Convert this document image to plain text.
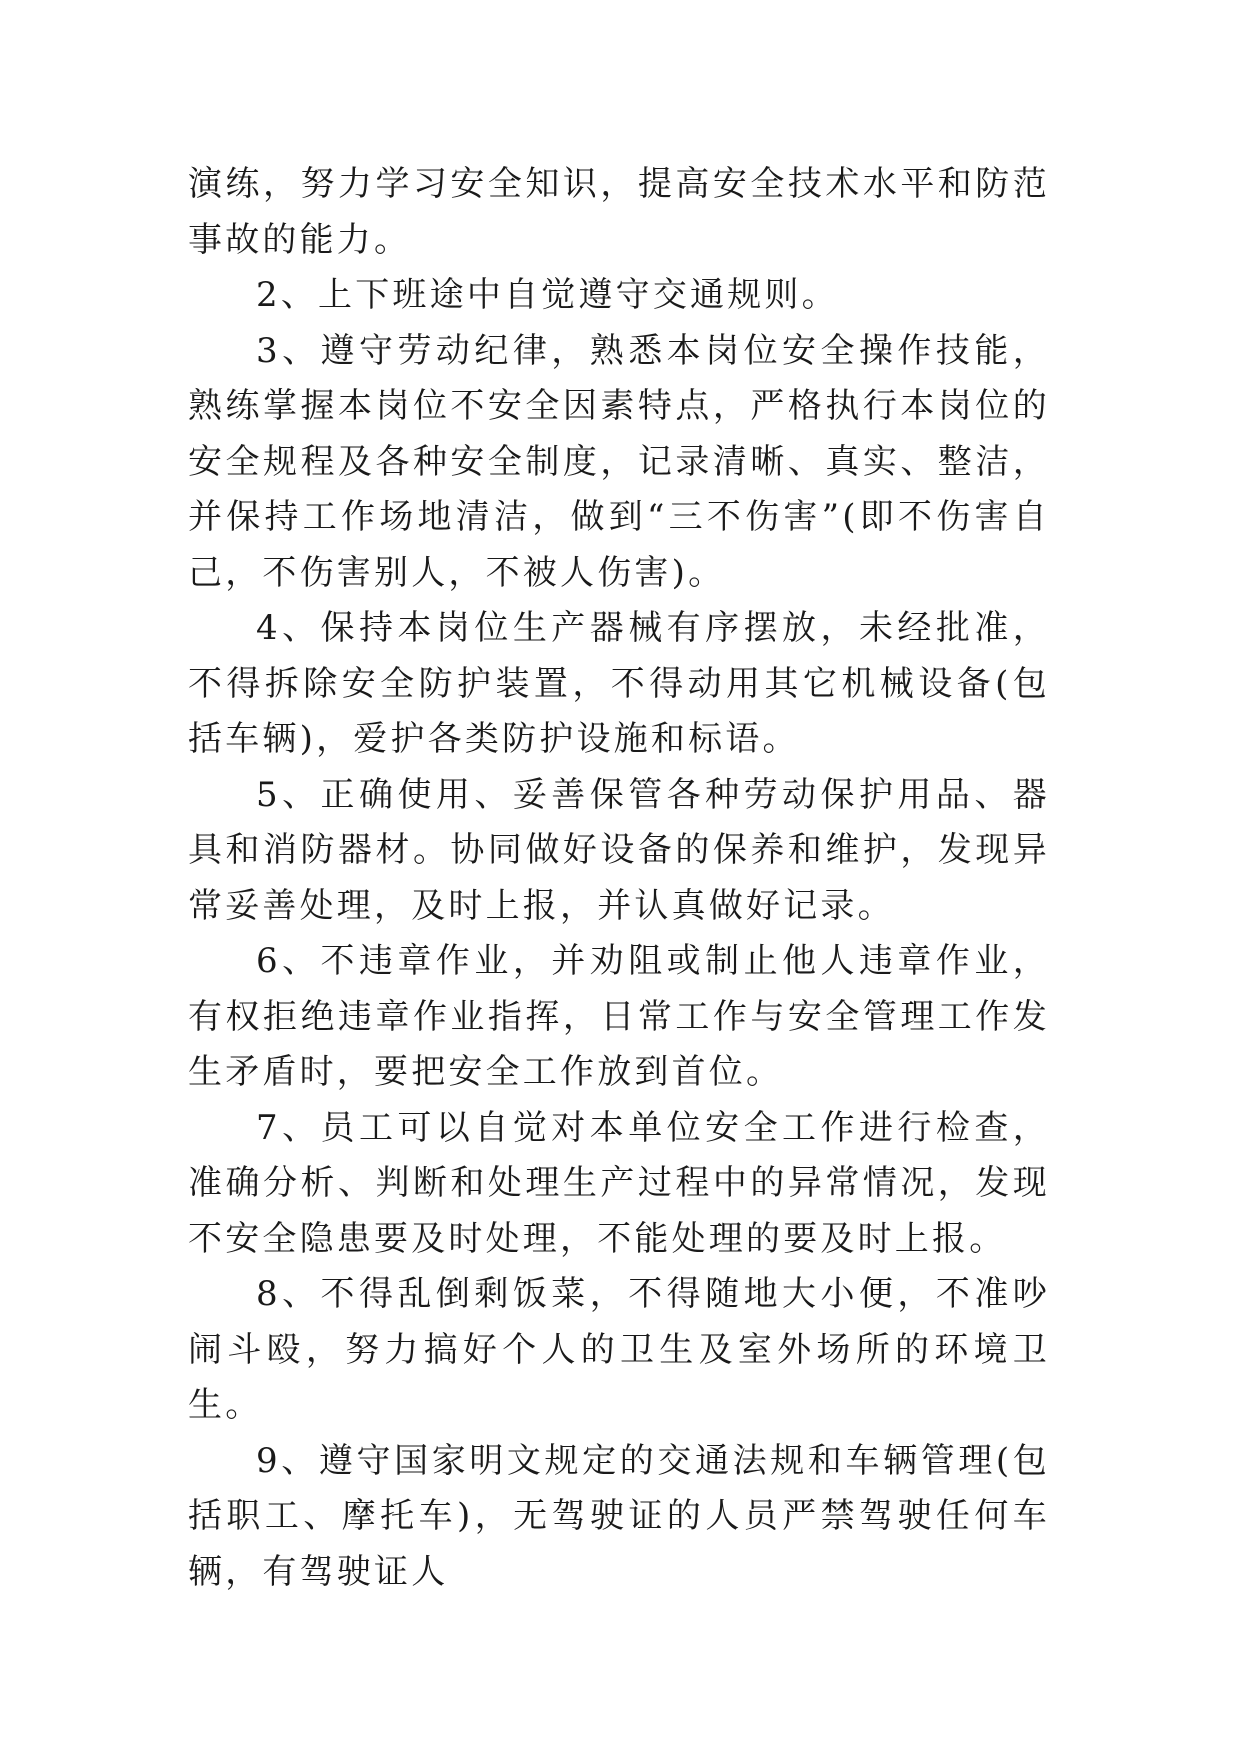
演练，努力学习安全知识，提高安全技术水平和防范事故的能力。

2、上下班途中自觉遵守交通规则。

3、遵守劳动纪律，熟悉本岗位安全操作技能，熟练掌握本岗位不安全因素特点，严格执行本岗位的安全规程及各种安全制度，记录清晰、真实、整洁，并保持工作场地清洁，做到“三不伤害”(即不伤害自己，不伤害别人，不被人伤害)。

4、保持本岗位生产器械有序摆放，未经批准，不得拆除安全防护装置，不得动用其它机械设备(包括车辆)，爱护各类防护设施和标语。

5、正确使用、妥善保管各种劳动保护用品、器具和消防器材。协同做好设备的保养和维护，发现异常妥善处理，及时上报，并认真做好记录。

6、不违章作业，并劝阻或制止他人违章作业，有权拒绝违章作业指挥，日常工作与安全管理工作发生矛盾时，要把安全工作放到首位。

7、员工可以自觉对本单位安全工作进行检查，准确分析、判断和处理生产过程中的异常情况，发现不安全隐患要及时处理，不能处理的要及时上报。

8、不得乱倒剩饭菜，不得随地大小便，不准吵闹斗殴，努力搞好个人的卫生及室外场所的环境卫生。

9、遵守国家明文规定的交通法规和车辆管理(包括职工、摩托车)，无驾驶证的人员严禁驾驶任何车辆，有驾驶证人
